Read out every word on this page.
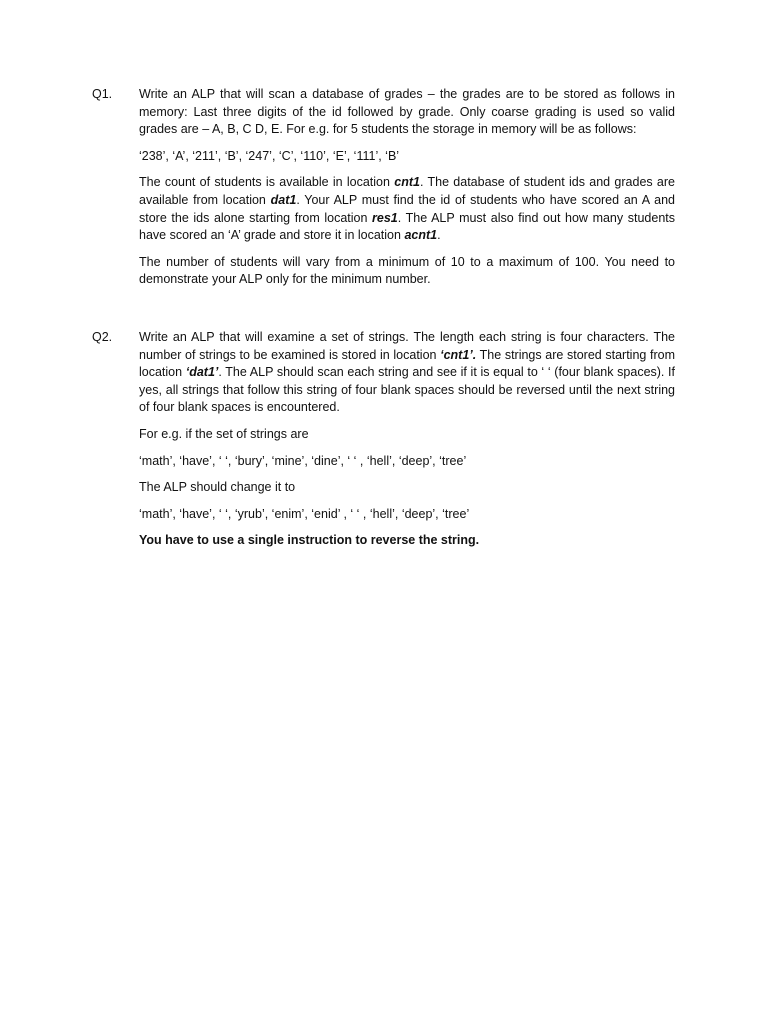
Q1. Write an ALP that will scan a database of grades – the grades are to be stored as follows in memory: Last three digits of the id followed by grade. Only coarse grading is used so valid grades are – A, B, C D, E. For e.g. for 5 students the storage in memory will be as follows:

‘238’, ‘A’, ‘211’, ‘B’, ‘247’, ‘C’, ‘110’, ‘E’, ‘111’, ‘B’

The count of students is available in location cnt1. The database of student ids and grades are available from location dat1. Your ALP must find the id of students who have scored an A and store the ids alone starting from location res1. The ALP must also find out how many students have scored an ‘A’ grade and store it in location acnt1.

The number of students will vary from a minimum of 10 to a maximum of 100. You need to demonstrate your ALP only for the minimum number.

Q2. Write an ALP that will examine a set of strings. The length each string is four characters. The number of strings to be examined is stored in location ‘cnt1’. The strings are stored starting from location ‘dat1’. The ALP should scan each string and see if it is equal to ‘ ‘ (four blank spaces). If yes, all strings that follow this string of four blank spaces should be reversed until the next string of four blank spaces is encountered.

For e.g. if the set of strings are

‘math’, ‘have’, ‘ ‘, ‘bury’, ‘mine’, ‘dine’, ‘ ‘ , ‘hell’, ‘deep’, ‘tree’

The ALP should change it to

‘math’, ‘have’, ‘ ‘, ‘yrub’, ‘enim’, ‘enid’ , ‘ ‘ , ‘hell’, ‘deep’, ‘tree’

You have to use a single instruction to reverse the string.
